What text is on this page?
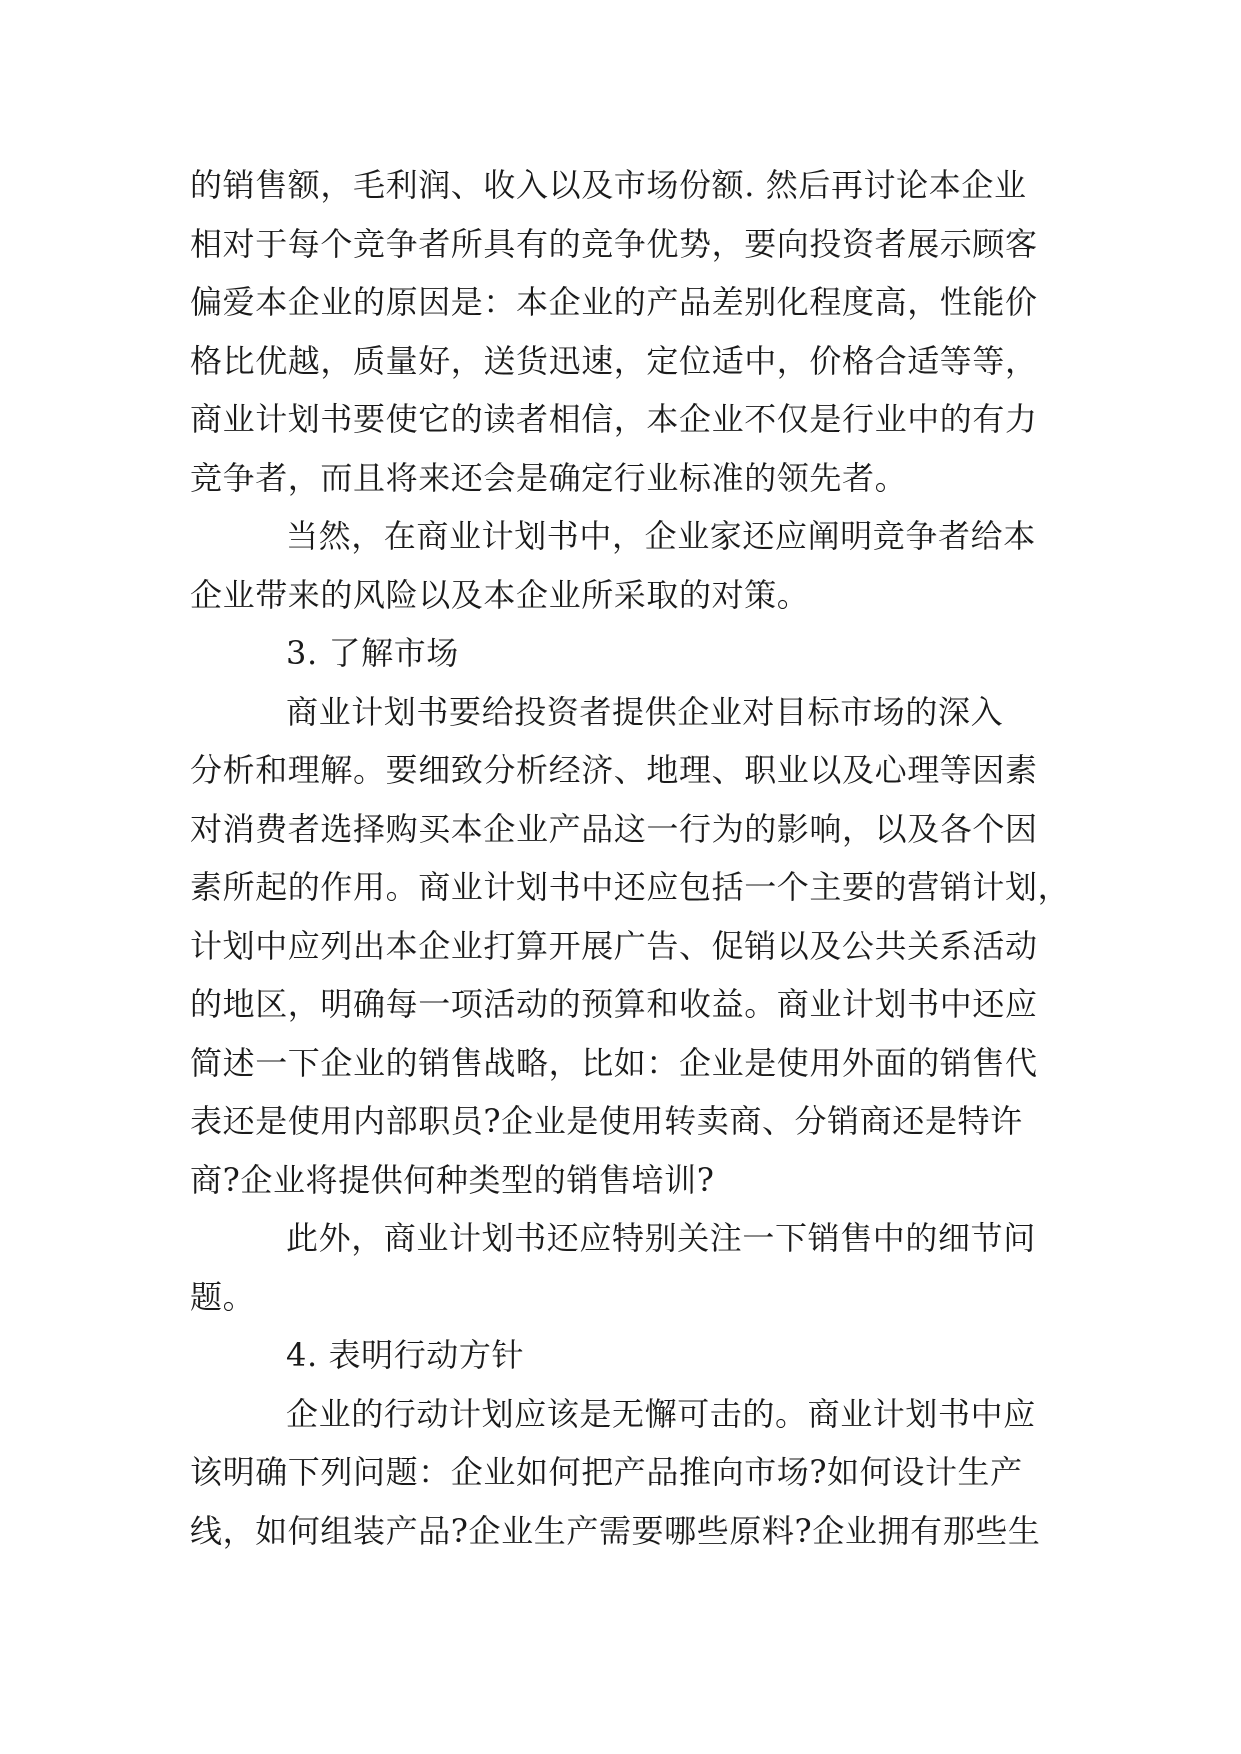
的销售额，毛利润、收入以及市场份额. 然后再讨论本企业
相对于每个竞争者所具有的竞争优势，要向投资者展示顾客
偏爱本企业的原因是：本企业的产品差别化程度高，性能价
格比优越，质量好，送货迅速，定位适中，价格合适等等，
商业计划书要使它的读者相信，本企业不仅是行业中的有力
竞争者，而且将来还会是确定行业标准的领先者。
当然，在商业计划书中，企业家还应阐明竞争者给本
企业带来的风险以及本企业所采取的对策。
3. 了解市场
商业计划书要给投资者提供企业对目标市场的深入
分析和理解。要细致分析经济、地理、职业以及心理等因素
对消费者选择购买本企业产品这一行为的影响，以及各个因
素所起的作用。商业计划书中还应包括一个主要的营销计划，
计划中应列出本企业打算开展广告、促销以及公共关系活动
的地区，明确每一项活动的预算和收益。商业计划书中还应
简述一下企业的销售战略，比如：企业是使用外面的销售代
表还是使用内部职员?企业是使用转卖商、分销商还是特许
商?企业将提供何种类型的销售培训?
此外，商业计划书还应特别关注一下销售中的细节问
题。
4. 表明行动方针
企业的行动计划应该是无懈可击的。商业计划书中应
该明确下列问题：企业如何把产品推向市场?如何设计生产
线，如何组装产品?企业生产需要哪些原料?企业拥有那些生
